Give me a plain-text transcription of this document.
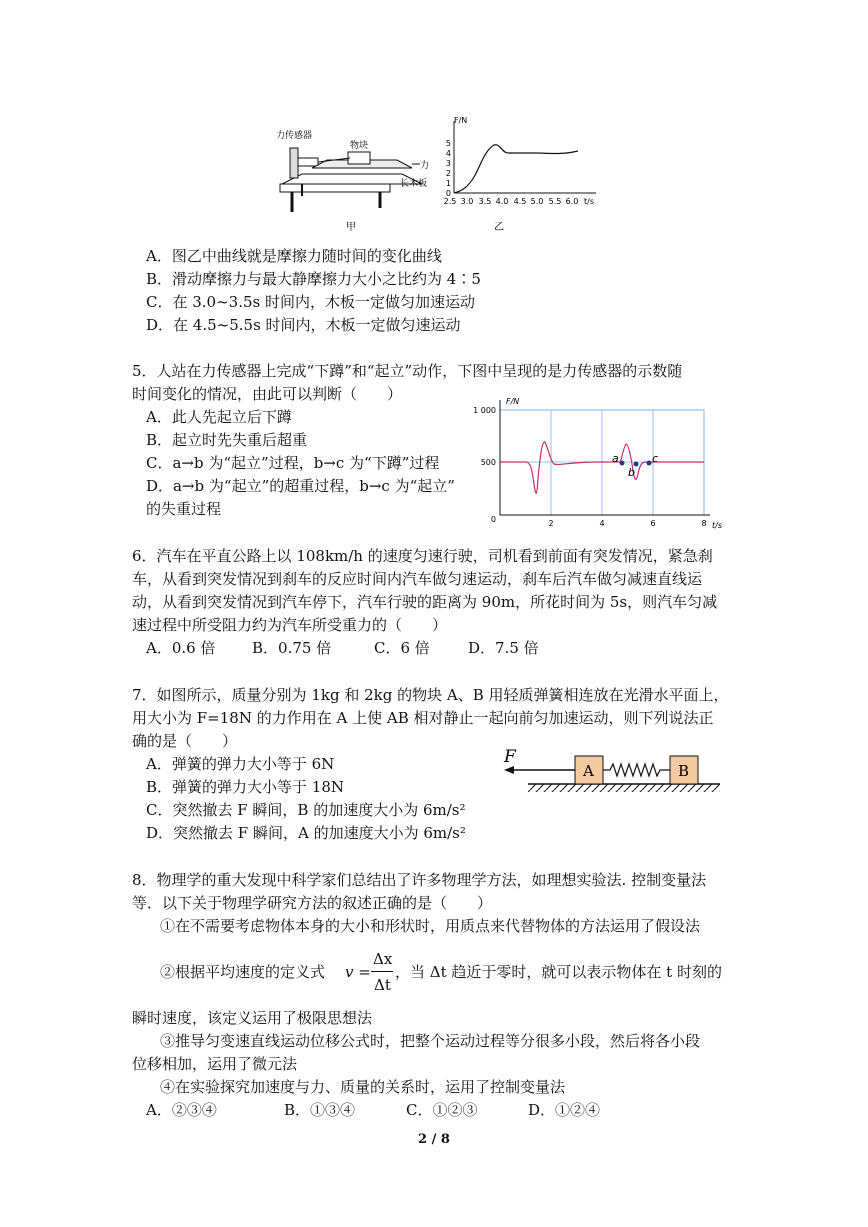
力传感器
物块
力
长木板
甲
F/N
5
4
3
2
1
0
2.5 3.0 3.5 4.0 4.5 5.0 5.5 6.0 t/s
乙
A．图乙中曲线就是摩擦力随时间的变化曲线
B．滑动摩擦力与最大静摩擦力大小之比约为 4∶5
C．在 3.0~3.5s 时间内，木板一定做匀加速运动
D．在 4.5~5.5s 时间内，木板一定做匀速运动
5．人站在力传感器上完成“下蹲”和“起立”动作，下图中呈现的是力传感器的示数随
时间变化的情况，由此可以判断（　　）
A．此人先起立后下蹲
B．起立时先失重后超重
C．a→b 为“起立”过程，b→c 为“下蹲”过程
D．a→b 为“起立”的超重过程，b→c 为“起立”
的失重过程
F/N
t/s
1 000
500
0	2	4	6	8
a
b
c
6．汽车在平直公路上以 108km/h 的速度匀速行驶，司机看到前面有突发情况，紧急刹
车，从看到突发情况到刹车的反应时间内汽车做匀速运动，刹车后汽车做匀减速直线运
动，从看到突发情况到汽车停下，汽车行驶的距离为 90m，所花时间为 5s，则汽车匀减
速过程中所受阻力约为汽车所受重力的（　　）
A．0.6 倍 B．0.75 倍	C．6 倍	D．7.5 倍
7．如图所示，质量分别为 1kg 和 2kg 的物块 A、B 用轻质弹簧相连放在光滑水平面上，
用大小为 F=18N 的力作用在 A 上使 AB 相对静止一起向前匀加速运动，则下列说法正
确的是（　　）
A．弹簧的弹力大小等于 6N
B．弹簧的弹力大小等于 18N
C．突然撤去 F 瞬间，B 的加速度大小为 6m/s²
D．突然撤去 F 瞬间，A 的加速度大小为 6m/s²
F
A	B
8．物理学的重大发现中科学家们总结出了许多物理学方法，如理想实验法. 控制变量法
等．以下关于物理学研究方法的叙述正确的是（　　）
①在不需要考虑物体本身的大小和形状时，用质点来代替物体的方法运用了假设法
②根据平均速度的定义式 v =
Δx
Δt
，当 Δt 趋近于零时，就可以表示物体在 t 时刻的
瞬时速度，该定义运用了极限思想法
③推导匀变速直线运动位移公式时，把整个运动过程等分很多小段，然后将各小段
位移相加，运用了微元法
④在实验探究加速度与力、质量的关系时，运用了控制变量法
A．②③④	B．①③④	C．①②③	D．①②④
2 / 8
